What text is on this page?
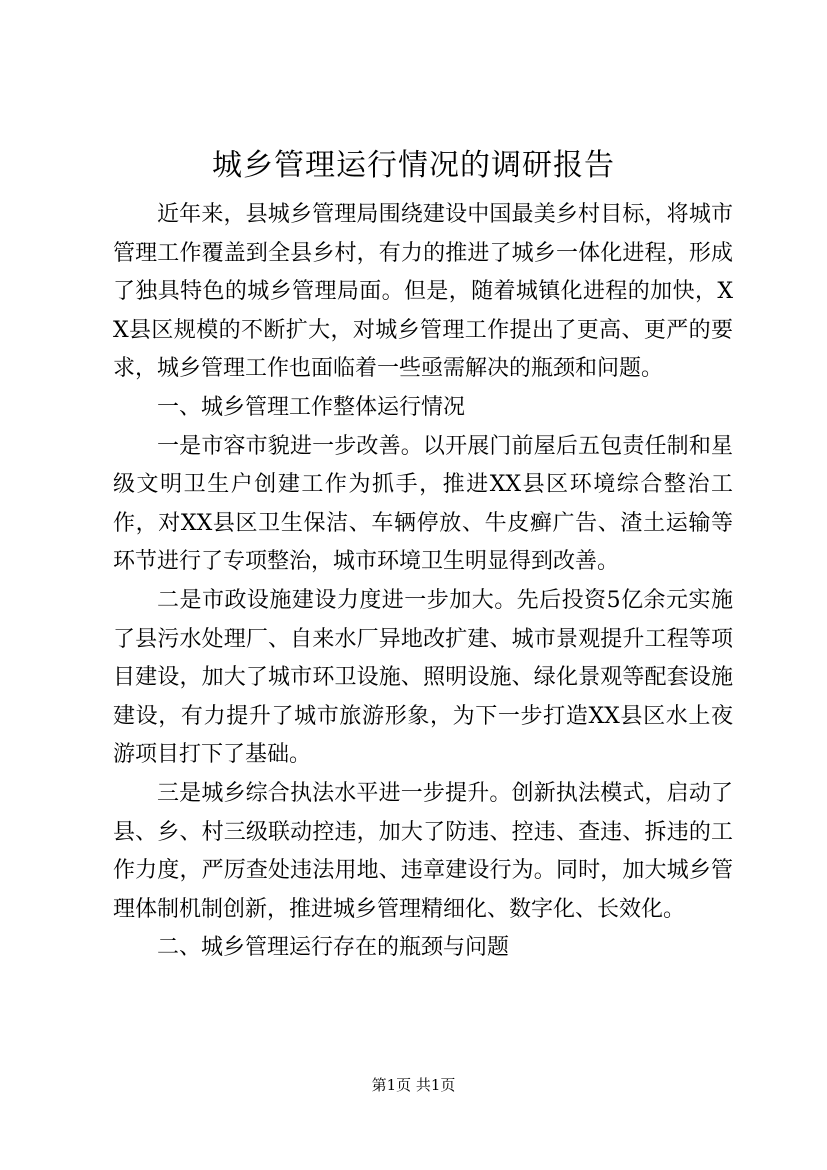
城乡管理运行情况的调研报告

近年来，县城乡管理局围绕建设中国最美乡村目标，将城市管理工作覆盖到全县乡村，有力的推进了城乡一体化进程，形成了独具特色的城乡管理局面。但是，随着城镇化进程的加快，XX县区规模的不断扩大，对城乡管理工作提出了更高、更严的要求，城乡管理工作也面临着一些亟需解决的瓶颈和问题。

一、城乡管理工作整体运行情况

一是市容市貌进一步改善。以开展门前屋后五包责任制和星级文明卫生户创建工作为抓手，推进XX县区环境综合整治工作，对XX县区卫生保洁、车辆停放、牛皮癣广告、渣土运输等环节进行了专项整治，城市环境卫生明显得到改善。

二是市政设施建设力度进一步加大。先后投资5亿余元实施了县污水处理厂、自来水厂异地改扩建、城市景观提升工程等项目建设，加大了城市环卫设施、照明设施、绿化景观等配套设施建设，有力提升了城市旅游形象，为下一步打造XX县区水上夜游项目打下了基础。

三是城乡综合执法水平进一步提升。创新执法模式，启动了县、乡、村三级联动控违，加大了防违、控违、查违、拆违的工作力度，严厉查处违法用地、违章建设行为。同时，加大城乡管理体制机制创新，推进城乡管理精细化、数字化、长效化。

二、城乡管理运行存在的瓶颈与问题

第1页 共1页
